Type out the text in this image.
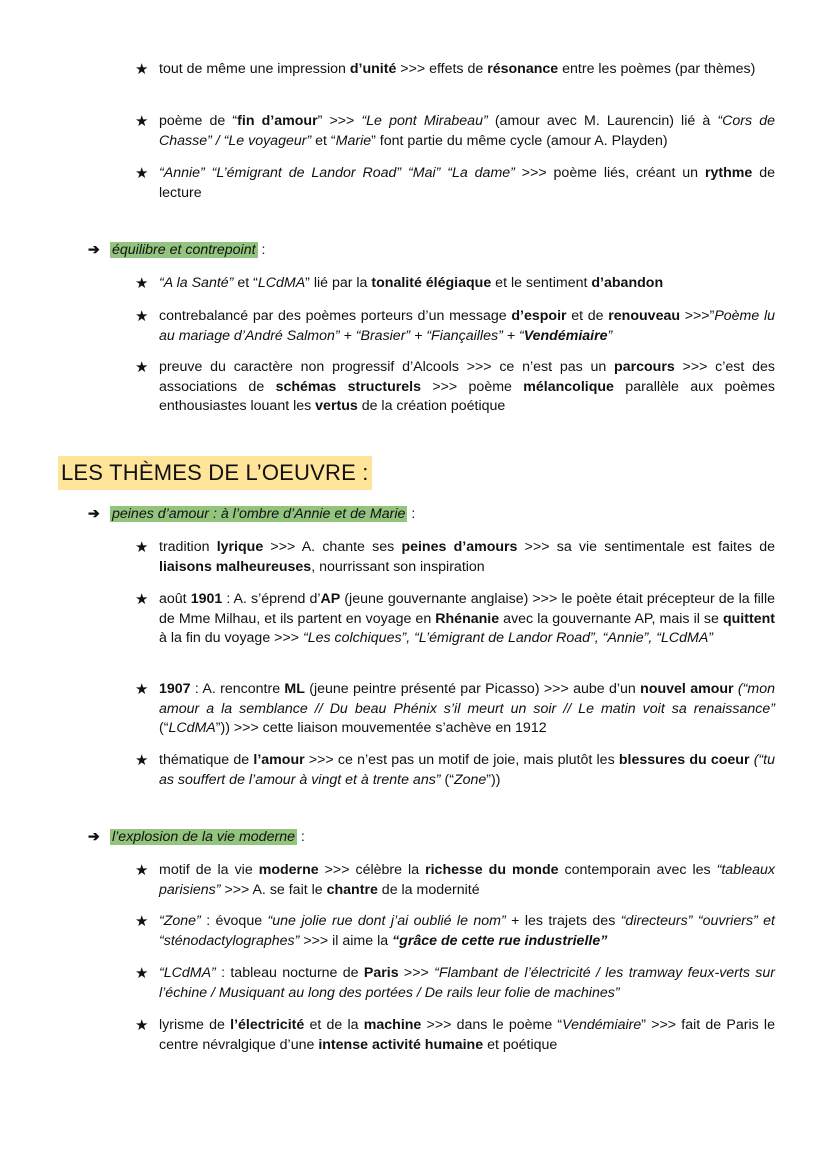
★ tout de même une impression d’unité >>> effets de résonance entre les poèmes (par thèmes)
★ poème de “fin d’amour” >>> “Le pont Mirabeau” (amour avec M. Laurencin) lié à “Cors de Chasse” / “Le voyageur” et “Marie” font partie du même cycle (amour A. Playden)
★ “Annie” “L’émigrant de Landor Road” “Mai” “La dame” >>> poème liés, créant un rythme de lecture
➔ équilibre et contrepoint :
★ “A la Santé” et “LCdMA” lié par la tonalité élégiaque et le sentiment d’abandon
★ contrebalancé par des poèmes porteurs d’un message d’espoir et de renouveau >>>”Poème lu au mariage d’André Salmon” + “Brasier” + “Fiançailles” + “Vendémiaire”
★ preuve du caractère non progressif d’Alcools >>> ce n’est pas un parcours >>> c’est des associations de schémas structurels >>> poème mélancolique parallèle aux poèmes enthousiastes louant les vertus de la création poétique
LES THÈMES DE L’OEUVRE :
➔ peines d’amour : à l’ombre d’Annie et de Marie :
★ tradition lyrique >>> A. chante ses peines d’amours >>> sa vie sentimentale est faites de liaisons malheureuses, nourrissant son inspiration
★ août 1901 : A. s’éprend d’AP (jeune gouvernante anglaise) >>> le poète était précepteur de la fille de Mme Milhau, et ils partent en voyage en Rhénanie avec la gouvernante AP, mais il se quittent à la fin du voyage >>> “Les colchiques”, “L’émigrant de Landor Road”, “Annie”, “LCdMA”
★ 1907 : A. rencontre ML (jeune peintre présenté par Picasso) >>> aube d’un nouvel amour (“mon amour a la semblance // Du beau Phénix s’il meurt un soir // Le matin voit sa renaissance” (“LCdMA”)) >>> cette liaison mouvementée s’achève en 1912
★ thématique de l’amour >>> ce n’est pas un motif de joie, mais plutôt les blessures du coeur (“tu as souffert de l’amour à vingt et à trente ans” (“Zone”))
➔ l’explosion de la vie moderne :
★ motif de la vie moderne >>> célèbre la richesse du monde contemporain avec les “tableaux parisiens” >>> A. se fait le chantre de la modernité
★ “Zone” : évoque “une jolie rue dont j’ai oublié le nom” + les trajets des “directeurs” “ouvriers” et “sténodactylographes” >>> il aime la “grâce de cette rue industrielle”
★ “LCdMA” : tableau nocturne de Paris >>> “Flambant de l’électricité / les tramway feux-verts sur l’échine / Musiquant au long des portées / De rails leur folie de machines”
★ lyrisme de l’électricité et de la machine >>> dans le poème “Vendémiaire” >>> fait de Paris le centre névralgique d’une intense activité humaine et poétique
